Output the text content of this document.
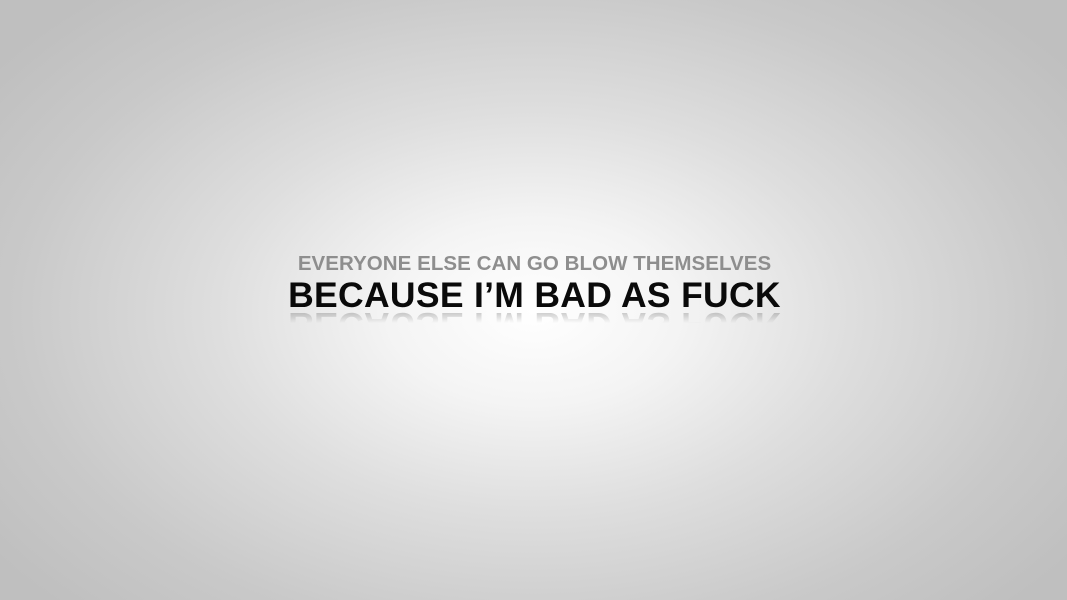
EVERYONE ELSE CAN GO BLOW THEMSELVES
BECAUSE I’M BAD AS FUCK
